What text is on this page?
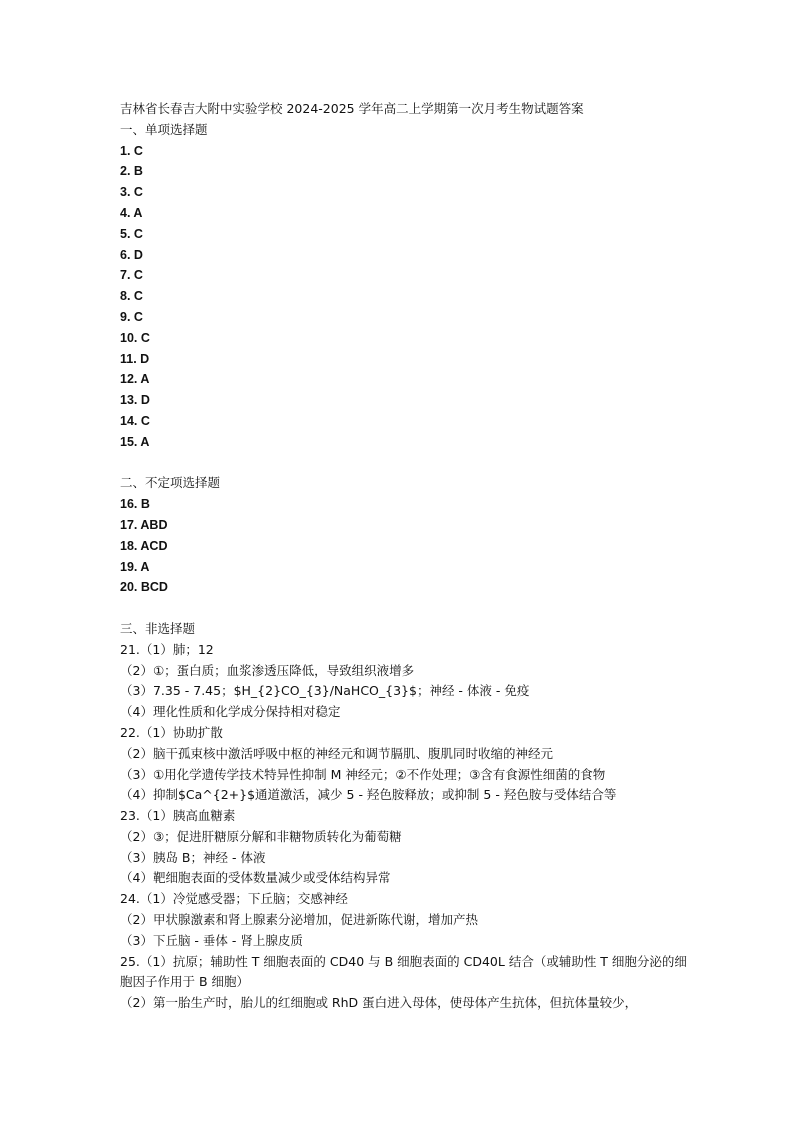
吉林省长春吉大附中实验学校 2024-2025 学年高二上学期第一次月考生物试题答案
一、单项选择题
1. C
2. B
3. C
4. A
5. C
6. D
7. C
8. C
9. C
10. C
11. D
12. A
13. D
14. C
15. A
二、不定项选择题
16. B
17. ABD
18. ACD
19. A
20. BCD
三、非选择题
21.（1）肺；12
（2）①；蛋白质；血浆渗透压降低，导致组织液增多
（3）7.35 - 7.45；$H_{2}CO_{3}/NaHCO_{3}$；神经 - 体液 - 免疫
（4）理化性质和化学成分保持相对稳定
22.（1）协助扩散
（2）脑干孤束核中激活呼吸中枢的神经元和调节膈肌、腹肌同时收缩的神经元
（3）①用化学遗传学技术特异性抑制 M 神经元；②不作处理；③含有食源性细菌的食物
（4）抑制$Ca^{2+}$通道激活，减少 5 - 羟色胺释放；或抑制 5 - 羟色胺与受体结合等
23.（1）胰高血糖素
（2）③；促进肝糖原分解和非糖物质转化为葡萄糖
（3）胰岛 B；神经 - 体液
（4）靶细胞表面的受体数量减少或受体结构异常
24.（1）冷觉感受器；下丘脑；交感神经
（2）甲状腺激素和肾上腺素分泌增加，促进新陈代谢，增加产热
（3）下丘脑 - 垂体 - 肾上腺皮质
25.（1）抗原；辅助性 T 细胞表面的 CD40 与 B 细胞表面的 CD40L 结合（或辅助性 T 细胞分泌的细胞因子作用于 B 细胞）
（2）第一胎生产时，胎儿的红细胞或 RhD 蛋白进入母体，使母体产生抗体，但抗体量较少，
